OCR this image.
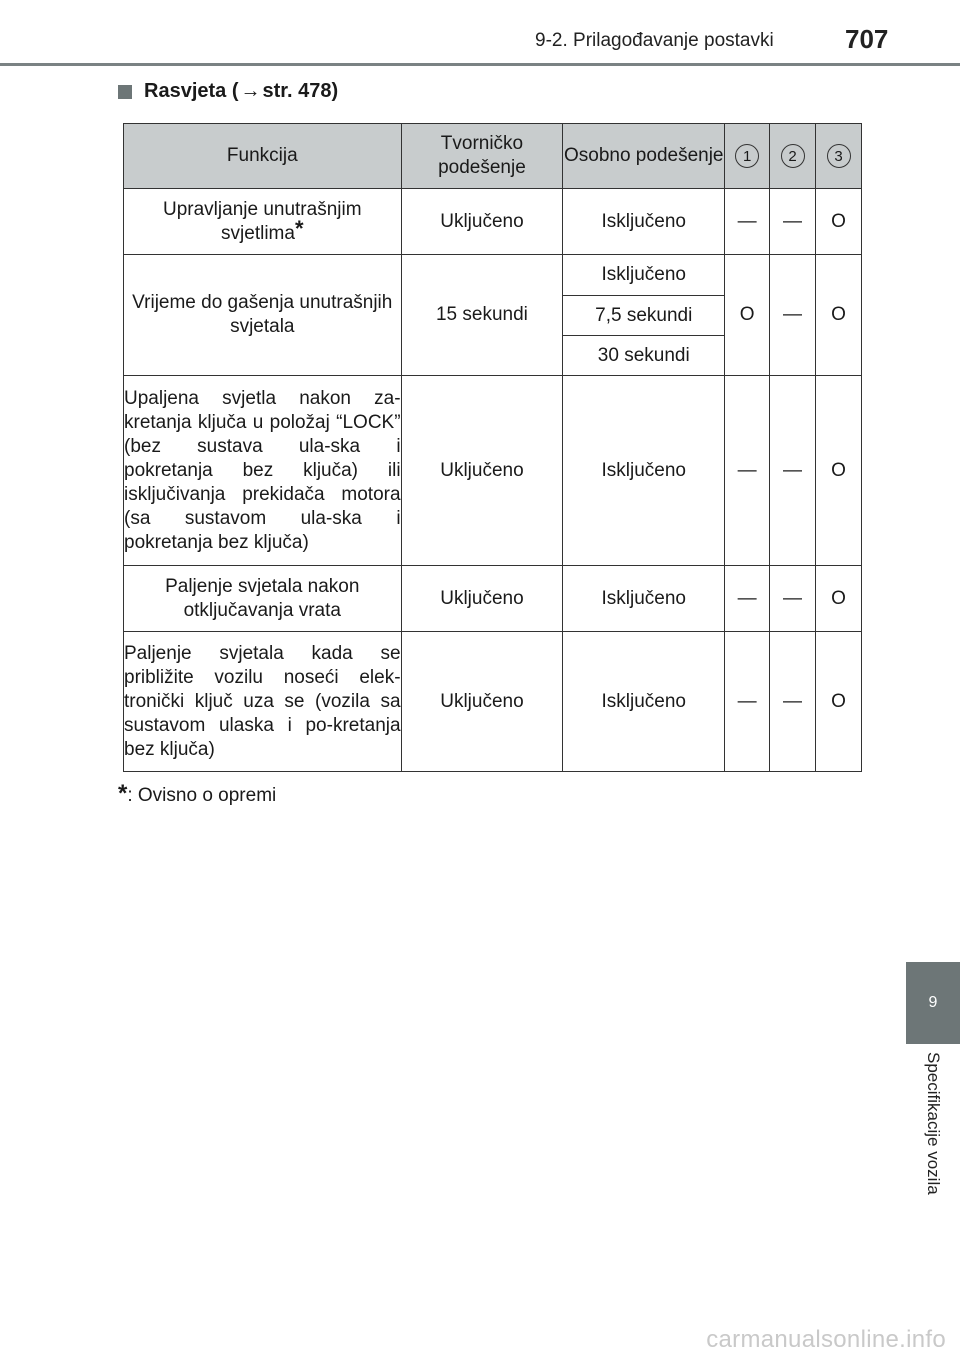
9-2. Prilagođavanje postavki	707
Rasvjeta ( → str. 478)
Funkcija	Tvorničko podešenje	Osobno podešenje	1	2	3
Upravljanje unutrašnjim svjetlima*	Uključeno	Isključeno	—	—	O
Vrijeme do gašenja unutrašnjih svjetala	15 sekundi	Isključeno	O	—	O
		7,5 sekundi			
		30 sekundi			
Upaljena svjetla nakon za-kretanja ključa u položaj “LOCK” (bez sustava ula-ska i pokretanja bez ključa) ili isključivanja prekidača motora (sa sustavom ula-ska i pokretanja bez ključa)	Uključeno	Isključeno	—	—	O
Paljenje svjetala nakon otključavanja vrata	Uključeno	Isključeno	—	—	O
Paljenje svjetala kada se približite vozilu noseći elek-tronički ključ uza se (vozila sa sustavom ulaska i po-kretanja bez ključa)	Uključeno	Isključeno	—	—	O
*: Ovisno o opremi
9
Specifikacije vozila
carmanualsonline.info
